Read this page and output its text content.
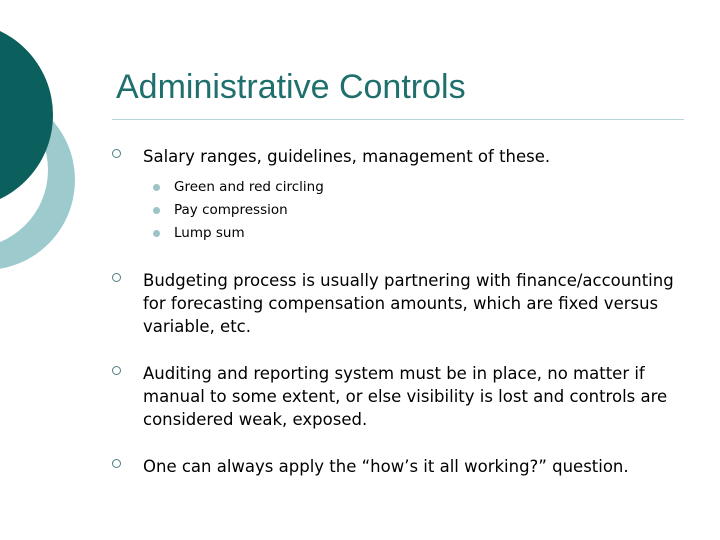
Administrative Controls
Salary ranges, guidelines, management of these.
Green and red circling
Pay compression
Lump sum
Budgeting process is usually partnering with finance/accounting for forecasting compensation amounts, which are fixed versus variable, etc.
Auditing and reporting system must be in place, no matter if manual to some extent, or else visibility is lost and controls are considered weak, exposed.
One can always apply the “how’s it all working?” question.
